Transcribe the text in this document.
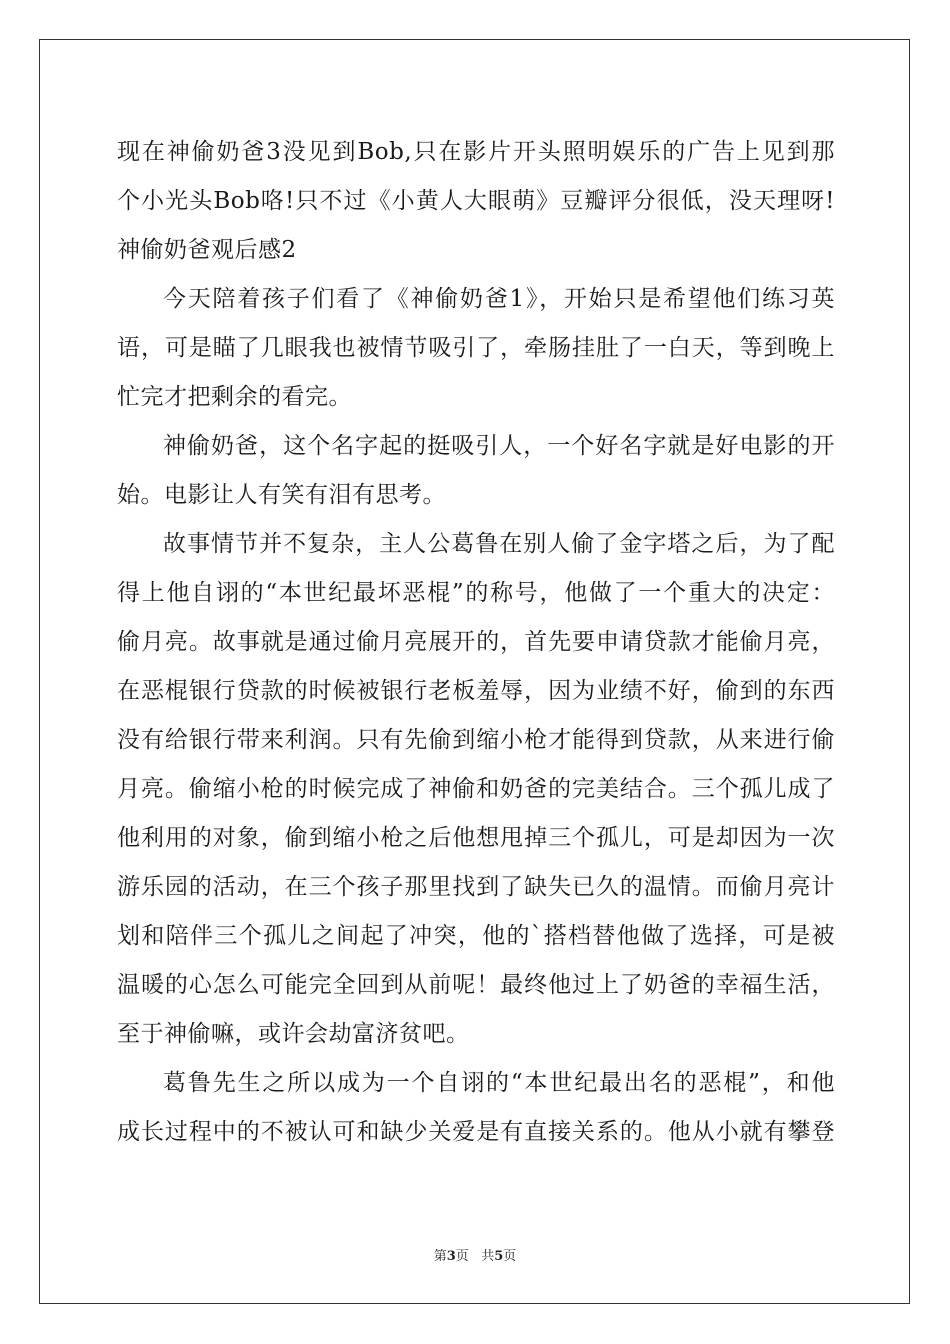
现在神偷奶爸3没见到Bob,只在影片开头照明娱乐的广告上见到那
个小光头Bob咯!只不过《小黄人大眼萌》豆瓣评分很低，没天理呀!
神偷奶爸观后感2
今天陪着孩子们看了《神偷奶爸1》，开始只是希望他们练习英
语，可是瞄了几眼我也被情节吸引了，牵肠挂肚了一白天，等到晚上
忙完才把剩余的看完。
神偷奶爸，这个名字起的挺吸引人，一个好名字就是好电影的开
始。电影让人有笑有泪有思考。
故事情节并不复杂，主人公葛鲁在别人偷了金字塔之后，为了配
得上他自诩的“本世纪最坏恶棍”的称号，他做了一个重大的决定：
偷月亮。故事就是通过偷月亮展开的，首先要申请贷款才能偷月亮，
在恶棍银行贷款的时候被银行老板羞辱，因为业绩不好，偷到的东西
没有给银行带来利润。只有先偷到缩小枪才能得到贷款，从来进行偷
月亮。偷缩小枪的时候完成了神偷和奶爸的完美结合。三个孤儿成了
他利用的对象，偷到缩小枪之后他想甩掉三个孤儿，可是却因为一次
游乐园的活动，在三个孩子那里找到了缺失已久的温情。而偷月亮计
划和陪伴三个孤儿之间起了冲突，他的`搭档替他做了选择，可是被
温暖的心怎么可能完全回到从前呢！最终他过上了奶爸的幸福生活，
至于神偷嘛，或许会劫富济贫吧。
葛鲁先生之所以成为一个自诩的“本世纪最出名的恶棍”，和他
成长过程中的不被认可和缺少关爱是有直接关系的。他从小就有攀登
第3页 共5页
